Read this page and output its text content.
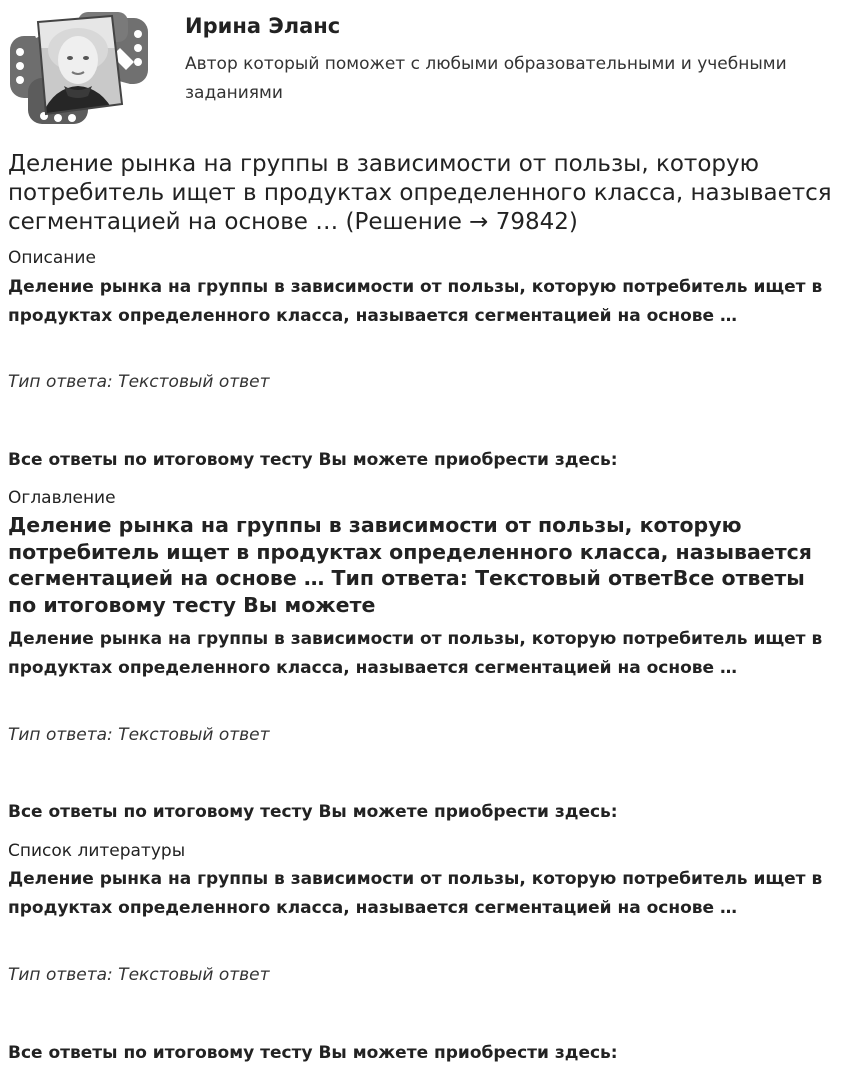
Ирина Эланс
Автор который поможет с любыми образовательными и учебными заданиями
Деление рынка на группы в зависимости от пользы, которую потребитель ищет в продуктах определенного класса, называется сегментацией на основе … (Решение → 79842)
Описание
Деление рынка на группы в зависимости от пользы, которую потребитель ищет в продуктах определенного класса, называется сегментацией на основе …
Тип ответа: Текстовый ответ
Все ответы по итоговому тесту Вы можете приобрести здесь:
Оглавление
Деление рынка на группы в зависимости от пользы, которую потребитель ищет в продуктах определенного класса, называется сегментацией на основе … Тип ответа: Текстовый ответВсе ответы по итоговому тесту Вы можете
Деление рынка на группы в зависимости от пользы, которую потребитель ищет в продуктах определенного класса, называется сегментацией на основе …
Тип ответа: Текстовый ответ
Все ответы по итоговому тесту Вы можете приобрести здесь:
Список литературы
Деление рынка на группы в зависимости от пользы, которую потребитель ищет в продуктах определенного класса, называется сегментацией на основе …
Тип ответа: Текстовый ответ
Все ответы по итоговому тесту Вы можете приобрести здесь:
